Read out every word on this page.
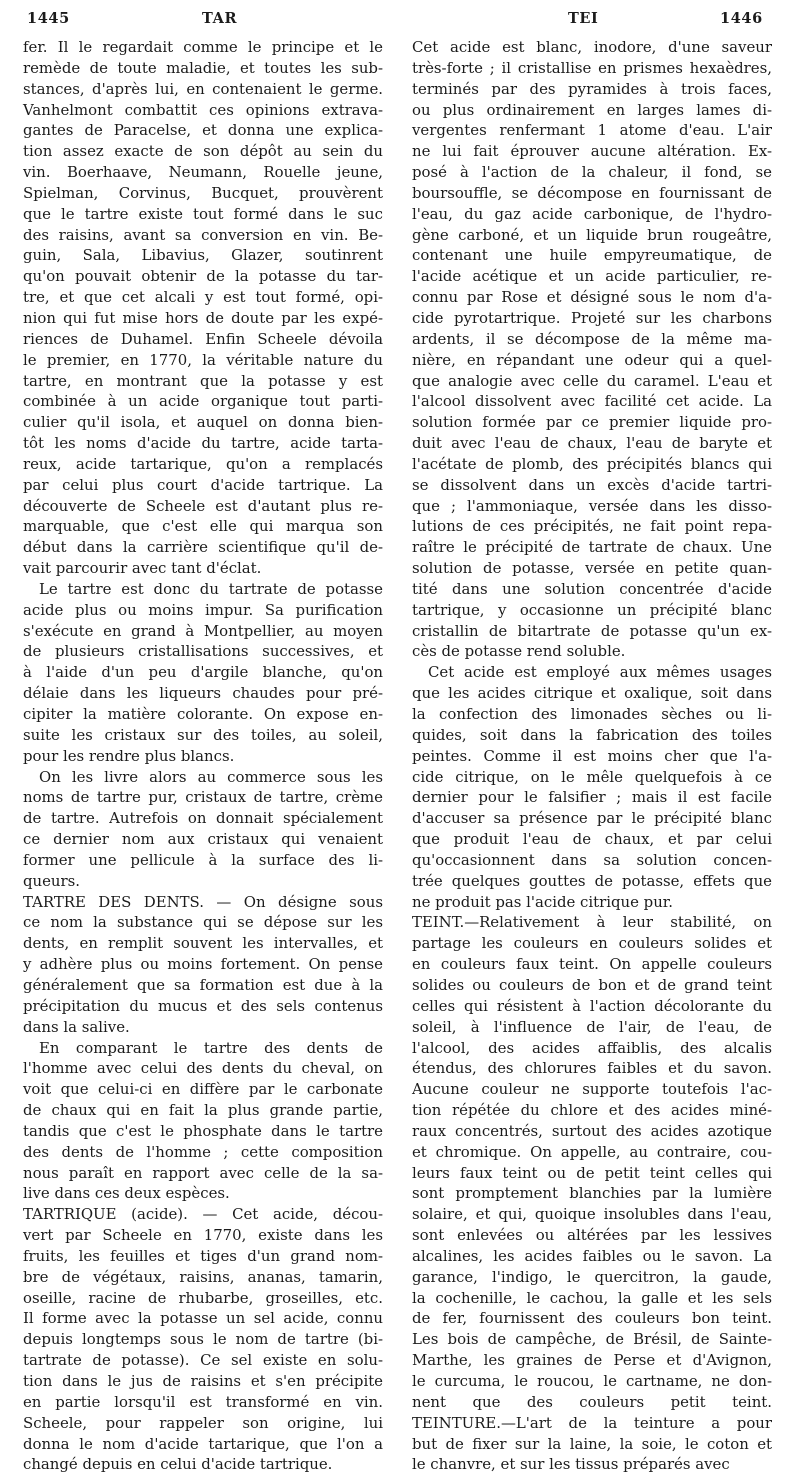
1445	TAR	TEI	1446
fer. Il le regardait comme le principe et le
remède de toute maladie, et toutes les sub-
stances, d'après lui, en contenaient le germe.
Vanhelmont combattit ces opinions extrava-
gantes de Paracelse, et donna une explica-
tion assez exacte de son dépôt au sein du
vin. Boerhaave, Neumann, Rouelle jeune,
Spielman, Corvinus, Bucquet, prouvèrent
que le tartre existe tout formé dans le suc
des raisins, avant sa conversion en vin. Be-
guin, Sala, Libavius, Glazer, soutinrent
qu'on pouvait obtenir de la potasse du tar-
tre, et que cet alcali y est tout formé, opi-
nion qui fut mise hors de doute par les expé-
riences de Duhamel. Enfin Scheele dévoila
le premier, en 1770, la véritable nature du
tartre, en montrant que la potasse y est
combinée à un acide organique tout parti-
culier qu'il isola, et auquel on donna bien-
tôt les noms d'acide du tartre, acide tarta-
reux, acide tartarique, qu'on a remplacés
par celui plus court d'acide tartrique. La
découverte de Scheele est d'autant plus re-
marquable, que c'est elle qui marqua son
début dans la carrière scientifique qu'il de-
vait parcourir avec tant d'éclat.
Le tartre est donc du tartrate de potasse
acide plus ou moins impur. Sa purification
s'exécute en grand à Montpellier, au moyen
de plusieurs cristallisations successives, et
à l'aide d'un peu d'argile blanche, qu'on
délaie dans les liqueurs chaudes pour pré-
cipiter la matière colorante. On expose en-
suite les cristaux sur des toiles, au soleil,
pour les rendre plus blancs.
On les livre alors au commerce sous les
noms de tartre pur, cristaux de tartre, crème
de tartre. Autrefois on donnait spécialement
ce dernier nom aux cristaux qui venaient
former une pellicule à la surface des li-
queurs.
TARTRE DES DENTS. — On désigne sous
ce nom la substance qui se dépose sur les
dents, en remplit souvent les intervalles, et
y adhère plus ou moins fortement. On pense
généralement que sa formation est due à la
précipitation du mucus et des sels contenus
dans la salive.
En comparant le tartre des dents de
l'homme avec celui des dents du cheval, on
voit que celui-ci en diffère par le carbonate
de chaux qui en fait la plus grande partie,
tandis que c'est le phosphate dans le tartre
des dents de l'homme ; cette composition
nous paraît en rapport avec celle de la sa-
live dans ces deux espèces.
TARTRIQUE (acide). — Cet acide, décou-
vert par Scheele en 1770, existe dans les
fruits, les feuilles et tiges d'un grand nom-
bre de végétaux, raisins, ananas, tamarin,
oseille, racine de rhubarbe, groseilles, etc.
Il forme avec la potasse un sel acide, connu
depuis longtemps sous le nom de tartre (bi-
tartrate de potasse). Ce sel existe en solu-
tion dans le jus de raisins et s'en précipite
en partie lorsqu'il est transformé en vin.
Scheele, pour rappeler son origine, lui
donna le nom d'acide tartarique, que l'on a
changé depuis en celui d'acide tartrique.
Cet acide est blanc, inodore, d'une saveur
très-forte ; il cristallise en prismes hexaèdres,
terminés par des pyramides à trois faces,
ou plus ordinairement en larges lames di-
vergentes renfermant 1 atome d'eau. L'air
ne lui fait éprouver aucune altération. Ex-
posé à l'action de la chaleur, il fond, se
boursouffle, se décompose en fournissant de
l'eau, du gaz acide carbonique, de l'hydro-
gène carboné, et un liquide brun rougeâtre,
contenant une huile empyreumatique, de
l'acide acétique et un acide particulier, re-
connu par Rose et désigné sous le nom d'a-
cide pyrotartrique. Projeté sur les charbons
ardents, il se décompose de la même ma-
nière, en répandant une odeur qui a quel-
que analogie avec celle du caramel. L'eau et
l'alcool dissolvent avec facilité cet acide. La
solution formée par ce premier liquide pro-
duit avec l'eau de chaux, l'eau de baryte et
l'acétate de plomb, des précipités blancs qui
se dissolvent dans un excès d'acide tartri-
que ; l'ammoniaque, versée dans les disso-
lutions de ces précipités, ne fait point repa-
raître le précipité de tartrate de chaux. Une
solution de potasse, versée en petite quan-
tité dans une solution concentrée d'acide
tartrique, y occasionne un précipité blanc
cristallin de bitartrate de potasse qu'un ex-
cès de potasse rend soluble.
Cet acide est employé aux mêmes usages
que les acides citrique et oxalique, soit dans
la confection des limonades sèches ou li-
quides, soit dans la fabrication des toiles
peintes. Comme il est moins cher que l'a-
cide citrique, on le mêle quelquefois à ce
dernier pour le falsifier ; mais il est facile
d'accuser sa présence par le précipité blanc
que produit l'eau de chaux, et par celui
qu'occasionnent dans sa solution concen-
trée quelques gouttes de potasse, effets que
ne produit pas l'acide citrique pur.
TEINT.—Relativement à leur stabilité, on
partage les couleurs en couleurs solides et
en couleurs faux teint. On appelle couleurs
solides ou couleurs de bon et de grand teint
celles qui résistent à l'action décolorante du
soleil, à l'influence de l'air, de l'eau, de
l'alcool, des acides affaiblis, des alcalis
étendus, des chlorures faibles et du savon.
Aucune couleur ne supporte toutefois l'ac-
tion répétée du chlore et des acides miné-
raux concentrés, surtout des acides azotique
et chromique. On appelle, au contraire, cou-
leurs faux teint ou de petit teint celles qui
sont promptement blanchies par la lumière
solaire, et qui, quoique insolubles dans l'eau,
sont enlevées ou altérées par les lessives
alcalines, les acides faibles ou le savon. La
garance, l'indigo, le quercitron, la gaude,
la cochenille, le cachou, la galle et les sels
de fer, fournissent des couleurs bon teint.
Les bois de campêche, de Brésil, de Sainte-
Marthe, les graines de Perse et d'Avignon,
le curcuma, le roucou, le cartname, ne don-
nent que des couleurs petit teint.
TEINTURE.—L'art de la teinture a pour
but de fixer sur la laine, la soie, le coton et
le chanvre, et sur les tissus préparés avec
